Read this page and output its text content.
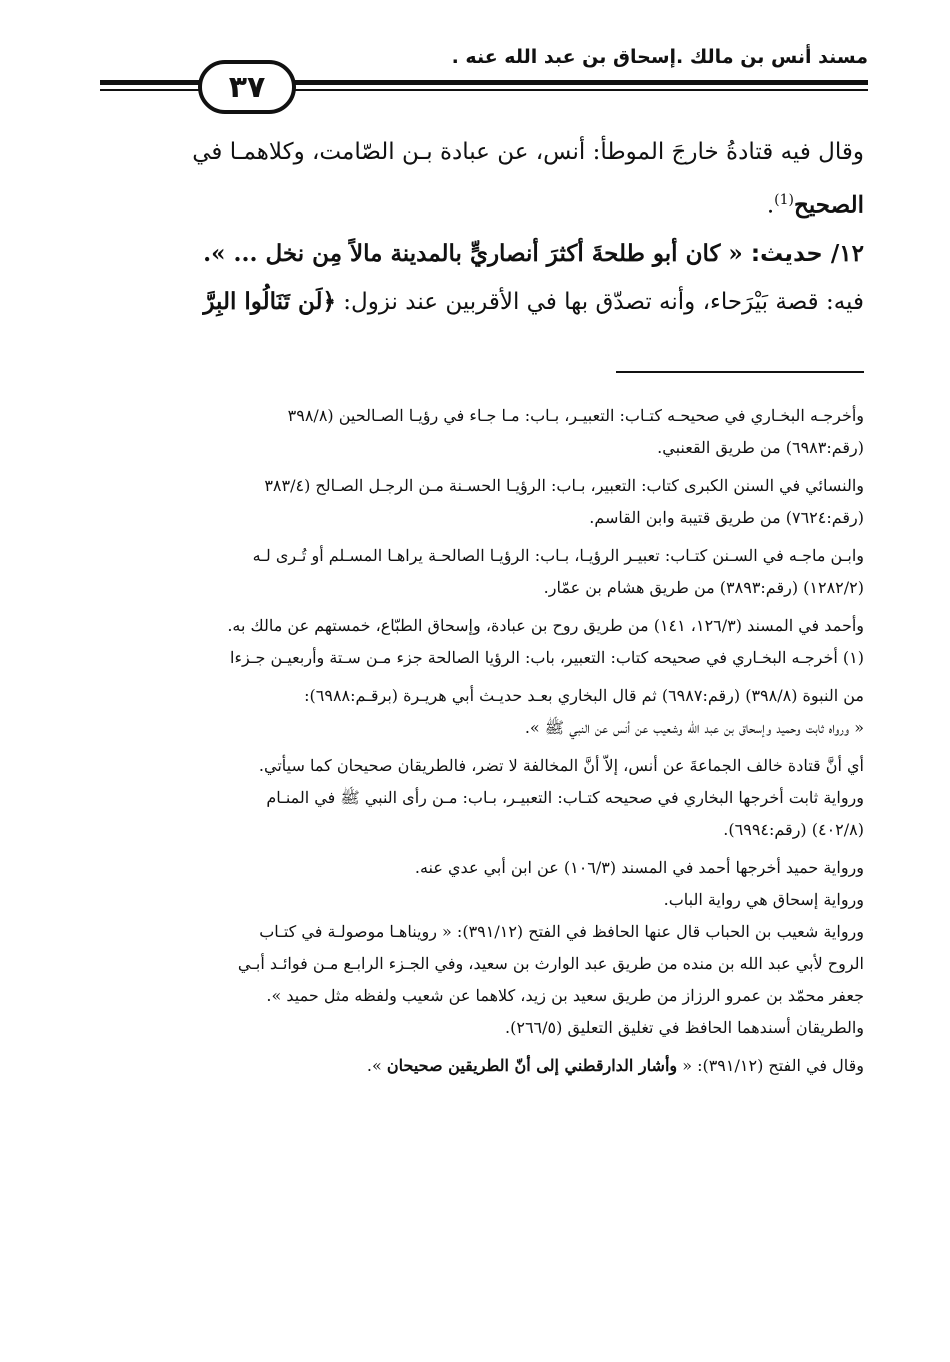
مسند أنس بن مالك .إسحاق بن عبد الله عنه .
٣٧

وقال فيه قتادةُ خارجَ الموطأ: أنس، عن عبادة بـن الصّامت، وكلاهمـا في

الصحيح$^{(1)}$.

١٢/ حديث: « كان أبو طلحةَ أكثرَ أنصاريٍّ بالمدينة مالاً مِن نخل ... ».

فيه: قصة بَيْرَحاء، وأنه تصدّق بها في الأقربين عند نزول: ﴿لَن تَنَالُوا البِرَّ

وأخرجـه البخـاري في صحيحـه كتـاب: التعبيـر، بـاب: مـا جـاء في رؤيـا الصـالحين (٣٩٨/٨

(رقم:٦٩٨٣) من طريق القعنبي.

والنسائي في السنن الكبرى كتاب: التعبير، بـاب: الرؤيـا الحسـنة مـن الرجـل الصـالح (٣٨٣/٤

(رقم:٧٦٢٤) من طريق قتيبة وابن القاسم.

وابـن ماجـه في السـنن كتـاب: تعبيـر الرؤيـا، بـاب: الرؤيـا الصالحـة يراهـا المسـلم أو تُـرى لـه

(١٢٨٢/٢) (رقم:٣٨٩٣) من طريق هشام بن عمّار.

وأحمد في المسند (١٢٦/٣، ١٤١) من طريق روح بن عبادة، وإسحاق الطبّاع، خمستهم عن مالك به.

(١) أخرجـه البخـاري في صحيحه كتاب: التعبير، باب: الرؤيا الصالحة جزء مـن سـتة وأربعيـن جـزءا

من النبوة (٣٩٨/٨) (رقم:٦٩٨٧) ثم قال البخاري بعـد حديـث أبي هريـرة (برقـم:٦٩٨٨):

« ورواه ثابت وحميد وإسحاق بن عبد الله وشعيب عن أنس عن النبي ﷺ ».

أي أنَّ قتادة خالف الجماعةَ عن أنس، إلاّ أنَّ المخالفة لا تضر، فالطريقان صحيحان كما سيأتي.

ورواية ثابت أخرجها البخاري في صحيحه كتـاب: التعبيـر، بـاب: مـن رأى النبي ﷺ في المنـام

(٤٠٢/٨) (رقم:٦٩٩٤).

ورواية حميد أخرجها أحمد في المسند (١٠٦/٣) عن ابن أبي عدي عنه.

ورواية إسحاق هي رواية الباب.

ورواية شعيب بن الحباب قال عنها الحافظ في الفتح (٣٩١/١٢): « رويناهـا موصولـة في كتـاب

الروح لأبي عبد الله بن منده من طريق عبد الوارث بن سعيد، وفي الجـزء الرابـع مـن فوائـد أبـي

جعفر محمّد بن عمرو الرزاز من طريق سعيد بن زيد، كلاهما عن شعيب ولفظه مثل حميد ».

والطريقان أسندهما الحافظ في تغليق التعليق (٢٦٦/٥).

وقال في الفتح (٣٩١/١٢): « وأشار الدارقطني إلى أنّ الطريقين صحيحان ».
